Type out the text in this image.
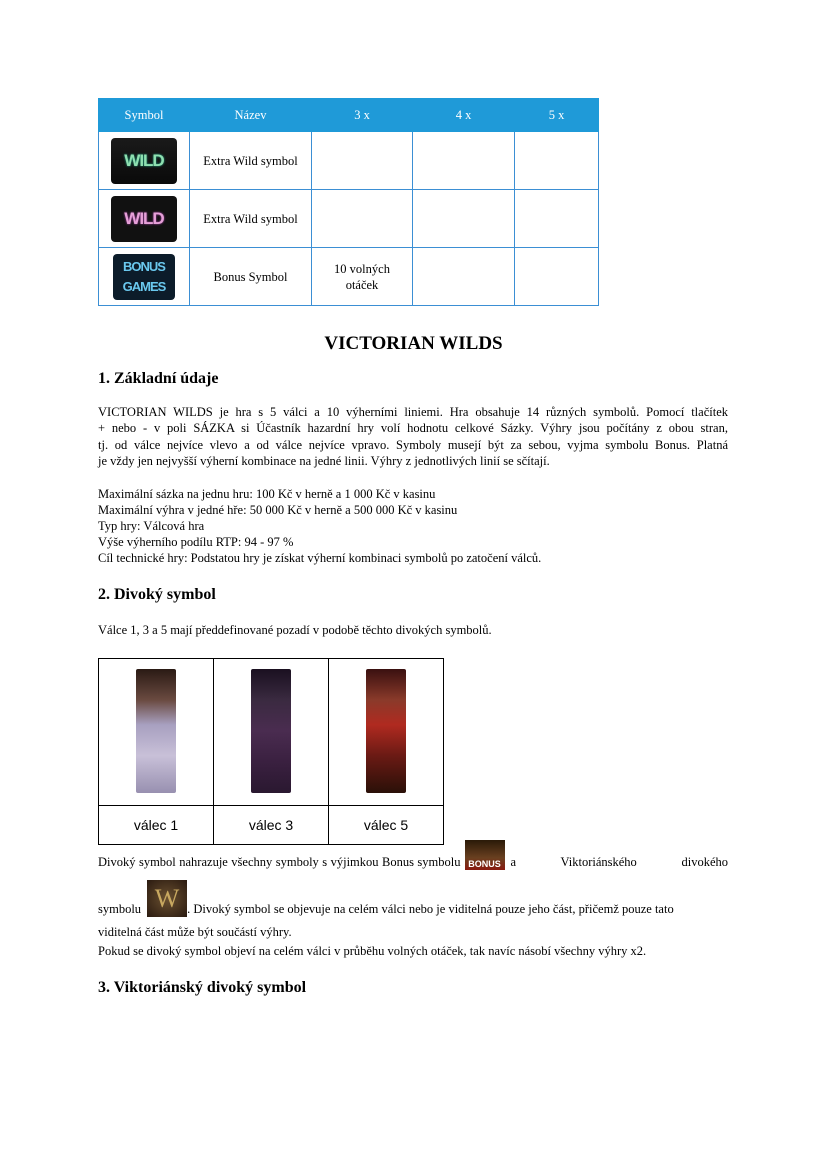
Symbol	Název	3 x	4 x	5 x
WILD	Extra Wild symbol			
WILD	Extra Wild symbol			
BONUS GAMES	Bonus Symbol	10 volných otáček		
VICTORIAN WILDS
1. Základní údaje
VICTORIAN WILDS je hra s 5 válci a 10 výherními liniemi. Hra obsahuje 14 různých symbolů. Pomocí tlačítek
+ nebo - v poli SÁZKA si Účastník hazardní hry volí hodnotu celkové Sázky. Výhry jsou počítány z obou stran,
tj. od válce nejvíce vlevo a od válce nejvíce vpravo. Symboly musejí být za sebou, vyjma symbolu Bonus. Platná
je vždy jen nejvyšší výherní kombinace na jedné linii. Výhry z jednotlivých linií se sčítají.
Maximální sázka na jednu hru: 100 Kč v herně a 1 000 Kč v kasinu
Maximální výhra v jedné hře: 50 000 Kč v herně a 500 000 Kč v kasinu
Typ hry: Válcová hra
Výše výherního podílu RTP: 94 - 97 %
Cíl technické hry: Podstatou hry je získat výherní kombinaci symbolů po zatočení válců.
2. Divoký symbol
Válce 1, 3 a 5 mají předdefinované pozadí v podobě těchto divokých symbolů.

válec 1	válec 3	válec 5
Divoký symbol nahrazuje všechny symboly s výjimkou Bonus symbolu BONUS a Viktoriánského divokého
symbolu W . Divoký symbol se objevuje na celém válci nebo je viditelná pouze jeho část, přičemž pouze tato
viditelná část může být součástí výhry.
Pokud se divoký symbol objeví na celém válci v průběhu volných otáček, tak navíc násobí všechny výhry x2.
3. Viktoriánský divoký symbol
